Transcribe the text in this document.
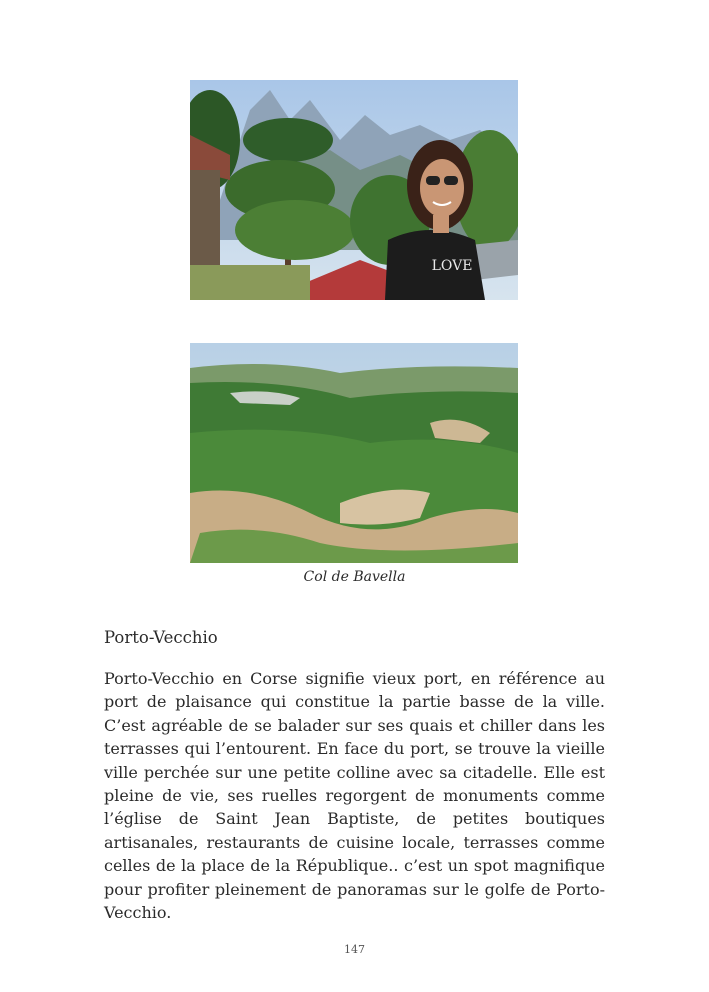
LOVE
Col de Bavella
Porto-Vecchio

Porto-Vecchio en Corse signifie vieux port, en référence au port de plaisance qui constitue la partie basse de la ville. C’est agréable de se balader sur ses quais et chiller dans les terrasses qui l’entourent. En face du port, se trouve la vieille ville perchée sur une petite colline avec sa citadelle. Elle est pleine de vie, ses ruelles regorgent de monuments comme l’église de Saint Jean Baptiste, de petites boutiques artisanales, restaurants de cuisine locale, terrasses comme celles de la place de la République.. c’est un spot magnifique pour profiter pleinement de panoramas sur le golfe de Porto-Vecchio.

147
